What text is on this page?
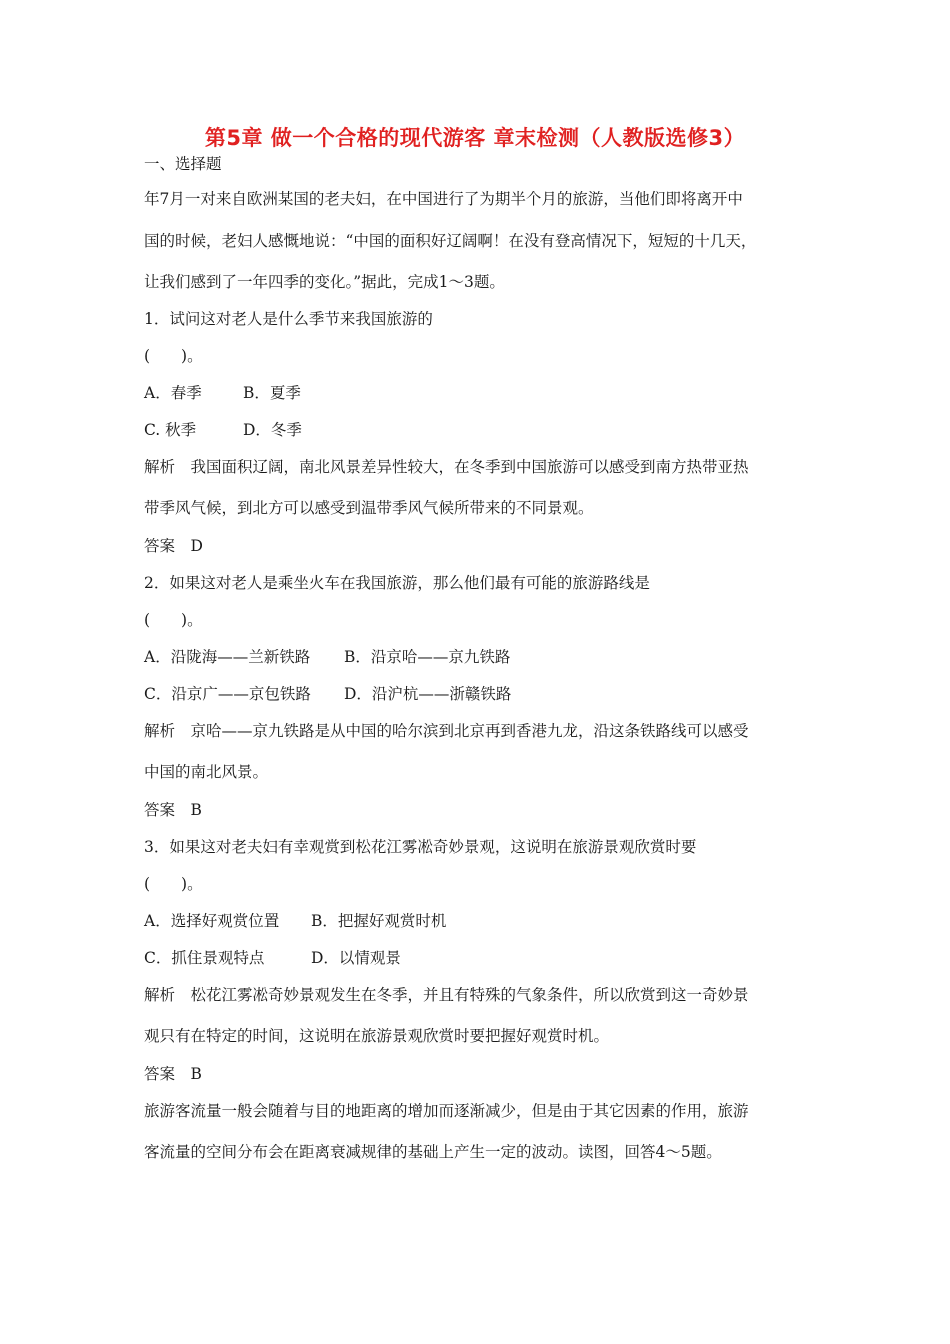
第5章 做一个合格的现代游客 章末检测（人教版选修3）
一、选择题
年7月一对来自欧洲某国的老夫妇，在中国进行了为期半个月的旅游，当他们即将离开中
国的时候，老妇人感慨地说：“中国的面积好辽阔啊！在没有登高情况下，短短的十几天，
让我们感到了一年四季的变化。”据此，完成1～3题。
1．试问这对老人是什么季节来我国旅游的
(　　)。
A．春季	B．夏季
C. 秋季	D．冬季
解析　我国面积辽阔，南北风景差异性较大，在冬季到中国旅游可以感受到南方热带亚热
带季风气候，到北方可以感受到温带季风气候所带来的不同景观。
答案　D
2．如果这对老人是乘坐火车在我国旅游，那么他们最有可能的旅游路线是
(　　)。
A．沿陇海——兰新铁路 B．沿京哈——京九铁路
C．沿京广——京包铁路 D．沿沪杭——浙赣铁路
解析　京哈——京九铁路是从中国的哈尔滨到北京再到香港九龙，沿这条铁路线可以感受
中国的南北风景。
答案　B
3．如果这对老夫妇有幸观赏到松花江雾凇奇妙景观，这说明在旅游景观欣赏时要
(　　)。
A．选择好观赏位置 B．把握好观赏时机
C．抓住景观特点	D．以情观景
解析　松花江雾凇奇妙景观发生在冬季，并且有特殊的气象条件，所以欣赏到这一奇妙景
观只有在特定的时间，这说明在旅游景观欣赏时要把握好观赏时机。
答案　B
旅游客流量一般会随着与目的地距离的增加而逐渐减少，但是由于其它因素的作用，旅游
客流量的空间分布会在距离衰减规律的基础上产生一定的波动。读图，回答4～5题。
